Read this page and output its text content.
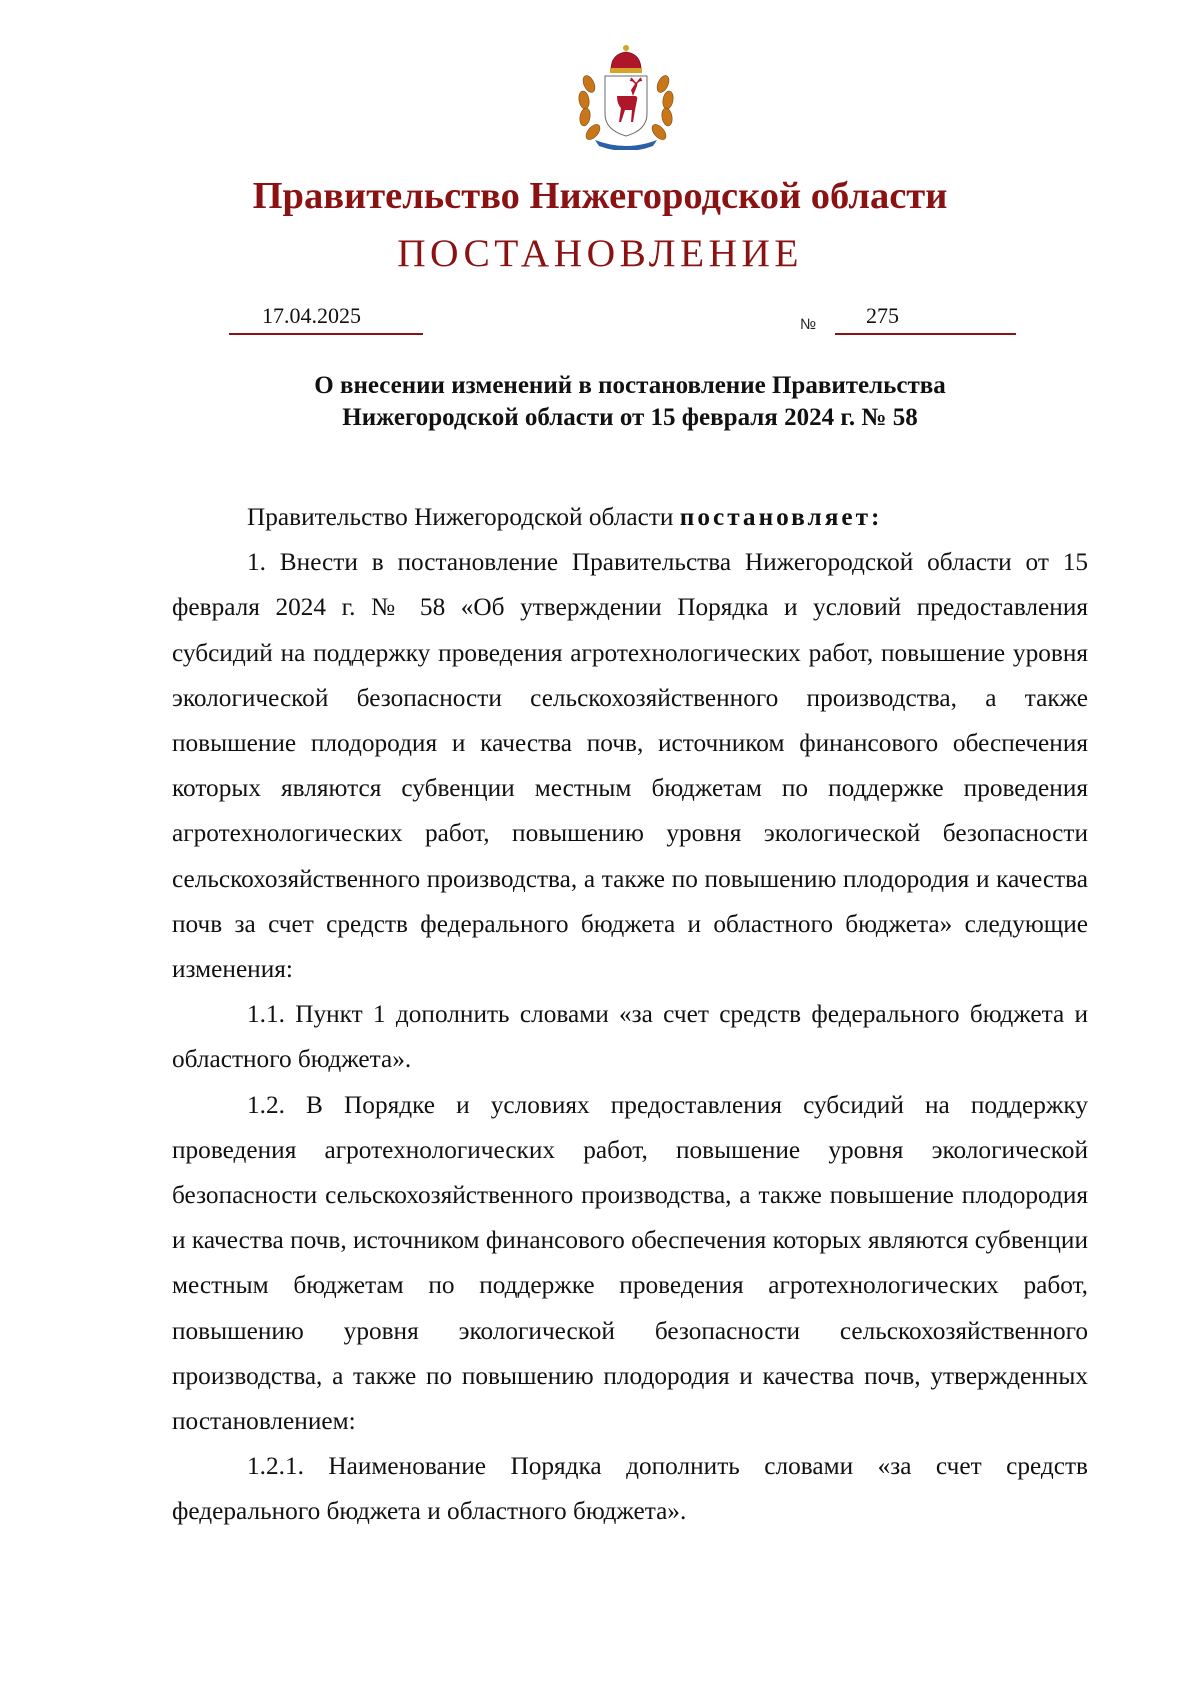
Правительство Нижегородской области
ПОСТАНОВЛЕНИЕ
17.04.2025	№ 275
О внесении изменений в постановление Правительства
Нижегородской области от 15 февраля 2024 г. № 58

Правительство Нижегородской области постановляет:

1. Внести в постановление Правительства Нижегородской области от 15 февраля 2024 г. № 58 «Об утверждении Порядка и условий предоставления субсидий на поддержку проведения агротехнологических работ, повышение уровня экологической безопасности сельскохозяйственного производства, а также повышение плодородия и качества почв, источником финансового обеспечения которых являются субвенции местным бюджетам по поддержке проведения агротехнологических работ, повышению уровня экологической безопасности сельскохозяйственного производства, а также по повышению плодородия и качества почв за счет средств федерального бюджета и областного бюджета» следующие изменения:

1.1. Пункт 1 дополнить словами «за счет средств федерального бюджета и областного бюджета».

1.2. В Порядке и условиях предоставления субсидий на поддержку проведения агротехнологических работ, повышение уровня экологической безопасности сельскохозяйственного производства, а также повышение плодородия и качества почв, источником финансового обеспечения которых являются субвенции местным бюджетам по поддержке проведения агротехнологических работ, повышению уровня экологической безопасности сельскохозяйственного производства, а также по повышению плодородия и качества почв, утвержденных постановлением:

1.2.1. Наименование Порядка дополнить словами «за счет средств федерального бюджета и областного бюджета».
